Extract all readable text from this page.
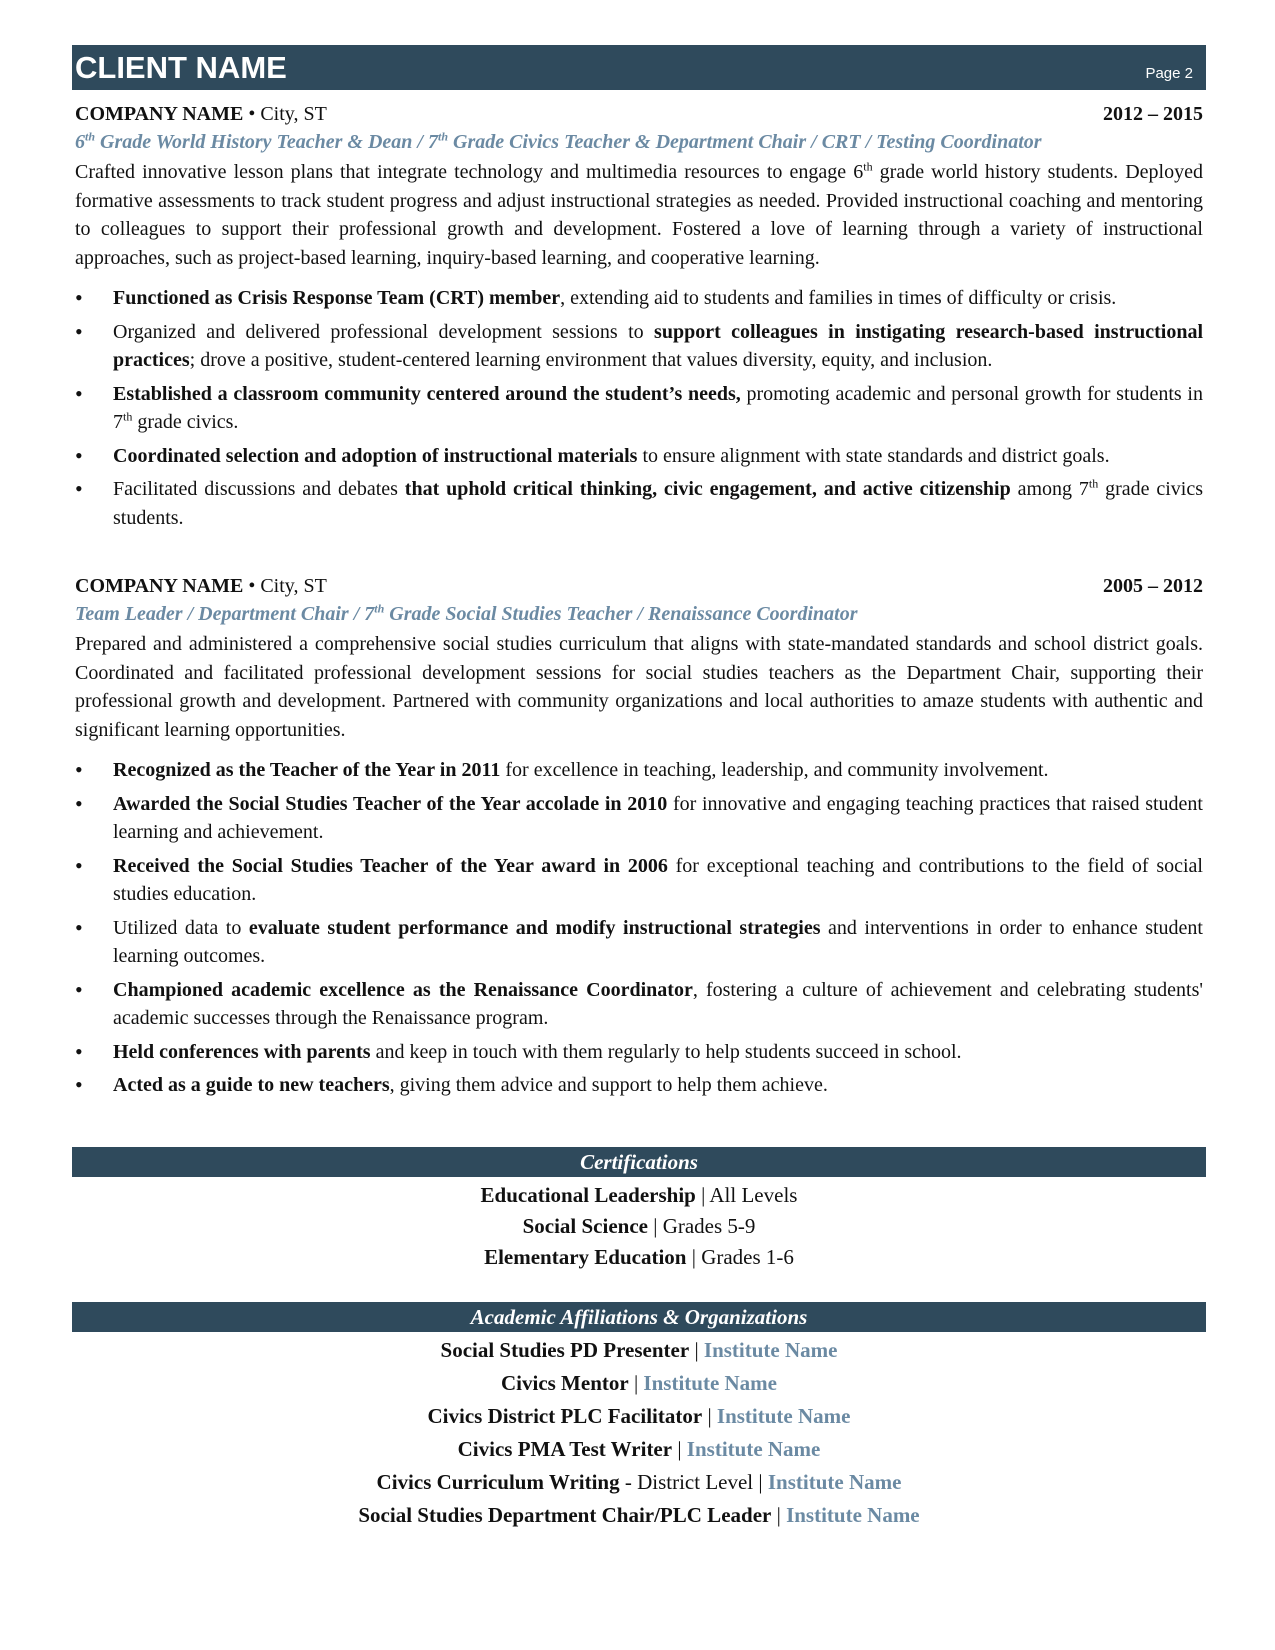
CLIENT NAME	Page 2
COMPANY NAME • City, ST	2012 – 2015
6th Grade World History Teacher & Dean / 7th Grade Civics Teacher & Department Chair / CRT / Testing Coordinator
Crafted innovative lesson plans that integrate technology and multimedia resources to engage 6th grade world history students. Deployed formative assessments to track student progress and adjust instructional strategies as needed. Provided instructional coaching and mentoring to colleagues to support their professional growth and development. Fostered a love of learning through a variety of instructional approaches, such as project-based learning, inquiry-based learning, and cooperative learning.
• Functioned as Crisis Response Team (CRT) member, extending aid to students and families in times of difficulty or crisis.
• Organized and delivered professional development sessions to support colleagues in instigating research-based instructional practices; drove a positive, student-centered learning environment that values diversity, equity, and inclusion.
• Established a classroom community centered around the student’s needs, promoting academic and personal growth for students in 7th grade civics.
• Coordinated selection and adoption of instructional materials to ensure alignment with state standards and district goals.
• Facilitated discussions and debates that uphold critical thinking, civic engagement, and active citizenship among 7th grade civics students.
COMPANY NAME • City, ST	2005 – 2012
Team Leader / Department Chair / 7th Grade Social Studies Teacher / Renaissance Coordinator
Prepared and administered a comprehensive social studies curriculum that aligns with state-mandated standards and school district goals. Coordinated and facilitated professional development sessions for social studies teachers as the Department Chair, supporting their professional growth and development. Partnered with community organizations and local authorities to amaze students with authentic and significant learning opportunities.
• Recognized as the Teacher of the Year in 2011 for excellence in teaching, leadership, and community involvement.
• Awarded the Social Studies Teacher of the Year accolade in 2010 for innovative and engaging teaching practices that raised student learning and achievement.
• Received the Social Studies Teacher of the Year award in 2006 for exceptional teaching and contributions to the field of social studies education.
• Utilized data to evaluate student performance and modify instructional strategies and interventions in order to enhance student learning outcomes.
• Championed academic excellence as the Renaissance Coordinator, fostering a culture of achievement and celebrating students' academic successes through the Renaissance program.
• Held conferences with parents and keep in touch with them regularly to help students succeed in school.
• Acted as a guide to new teachers, giving them advice and support to help them achieve.
Certifications
Educational Leadership | All Levels
Social Science | Grades 5-9
Elementary Education | Grades 1-6
Academic Affiliations & Organizations
Social Studies PD Presenter | Institute Name
Civics Mentor | Institute Name
Civics District PLC Facilitator | Institute Name
Civics PMA Test Writer | Institute Name
Civics Curriculum Writing - District Level | Institute Name
Social Studies Department Chair/PLC Leader | Institute Name
